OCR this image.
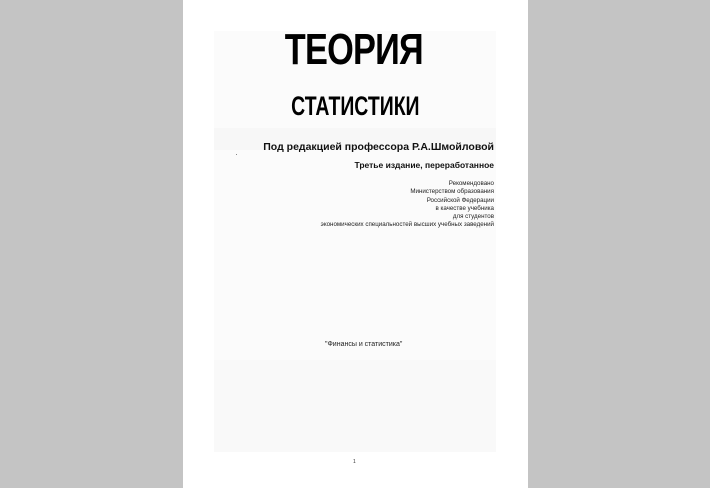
ТЕОРИЯ
СТАТИСТИКИ
Под редакцией профессора Р.А.Шмойловой
Третье издание, переработанное
Рекомендовано
Министерством образования
Российской Федерации
в качестве учебника
для студентов
экономических специальностей высших учебных заведений
"Финансы и статистика"
1
